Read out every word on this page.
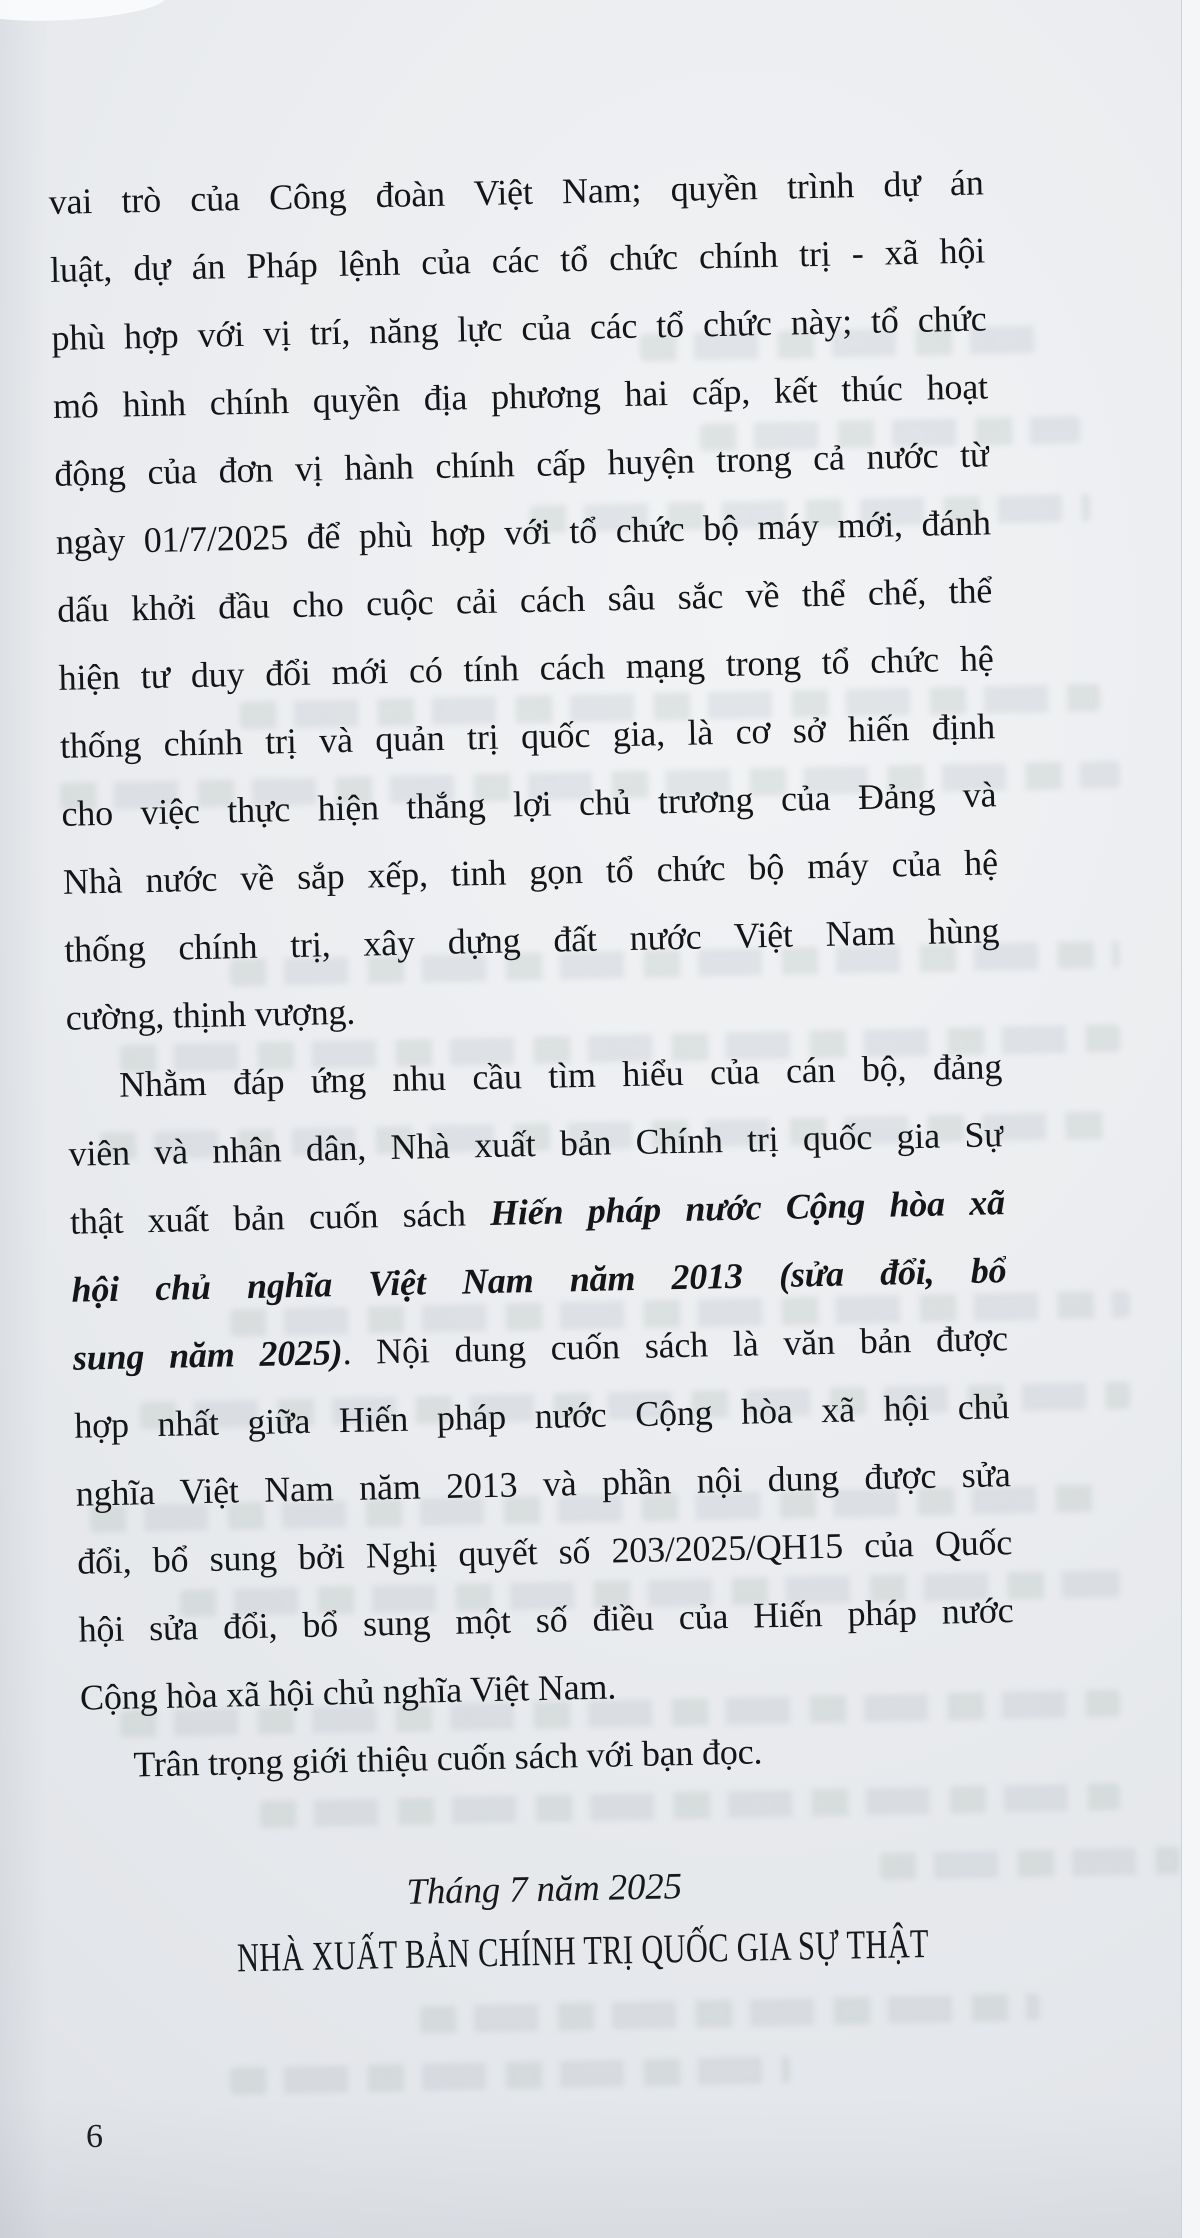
vai trò của Công đoàn Việt Nam; quyền trình dự án
luật, dự án Pháp lệnh của các tổ chức chính trị - xã hội
phù hợp với vị trí, năng lực của các tổ chức này; tổ chức
mô hình chính quyền địa phương hai cấp, kết thúc hoạt
động của đơn vị hành chính cấp huyện trong cả nước từ
ngày 01/7/2025 để phù hợp với tổ chức bộ máy mới, đánh
dấu khởi đầu cho cuộc cải cách sâu sắc về thể chế, thể
hiện tư duy đổi mới có tính cách mạng trong tổ chức hệ
thống chính trị và quản trị quốc gia, là cơ sở hiến định
cho việc thực hiện thắng lợi chủ trương của Đảng và
Nhà nước về sắp xếp, tinh gọn tổ chức bộ máy của hệ
thống chính trị, xây dựng đất nước Việt Nam hùng
cường, thịnh vượng.
Nhằm đáp ứng nhu cầu tìm hiểu của cán bộ, đảng
viên và nhân dân, Nhà xuất bản Chính trị quốc gia Sự
thật xuất bản cuốn sách Hiến pháp nước Cộng hòa xã
hội chủ nghĩa Việt Nam năm 2013 (sửa đổi, bổ
sung năm 2025). Nội dung cuốn sách là văn bản được
hợp nhất giữa Hiến pháp nước Cộng hòa xã hội chủ
nghĩa Việt Nam năm 2013 và phần nội dung được sửa
đổi, bổ sung bởi Nghị quyết số 203/2025/QH15 của Quốc
hội sửa đổi, bổ sung một số điều của Hiến pháp nước
Cộng hòa xã hội chủ nghĩa Việt Nam.
Trân trọng giới thiệu cuốn sách với bạn đọc.
Tháng 7 năm 2025
NHÀ XUẤT BẢN CHÍNH TRỊ QUỐC GIA SỰ THẬT
6
